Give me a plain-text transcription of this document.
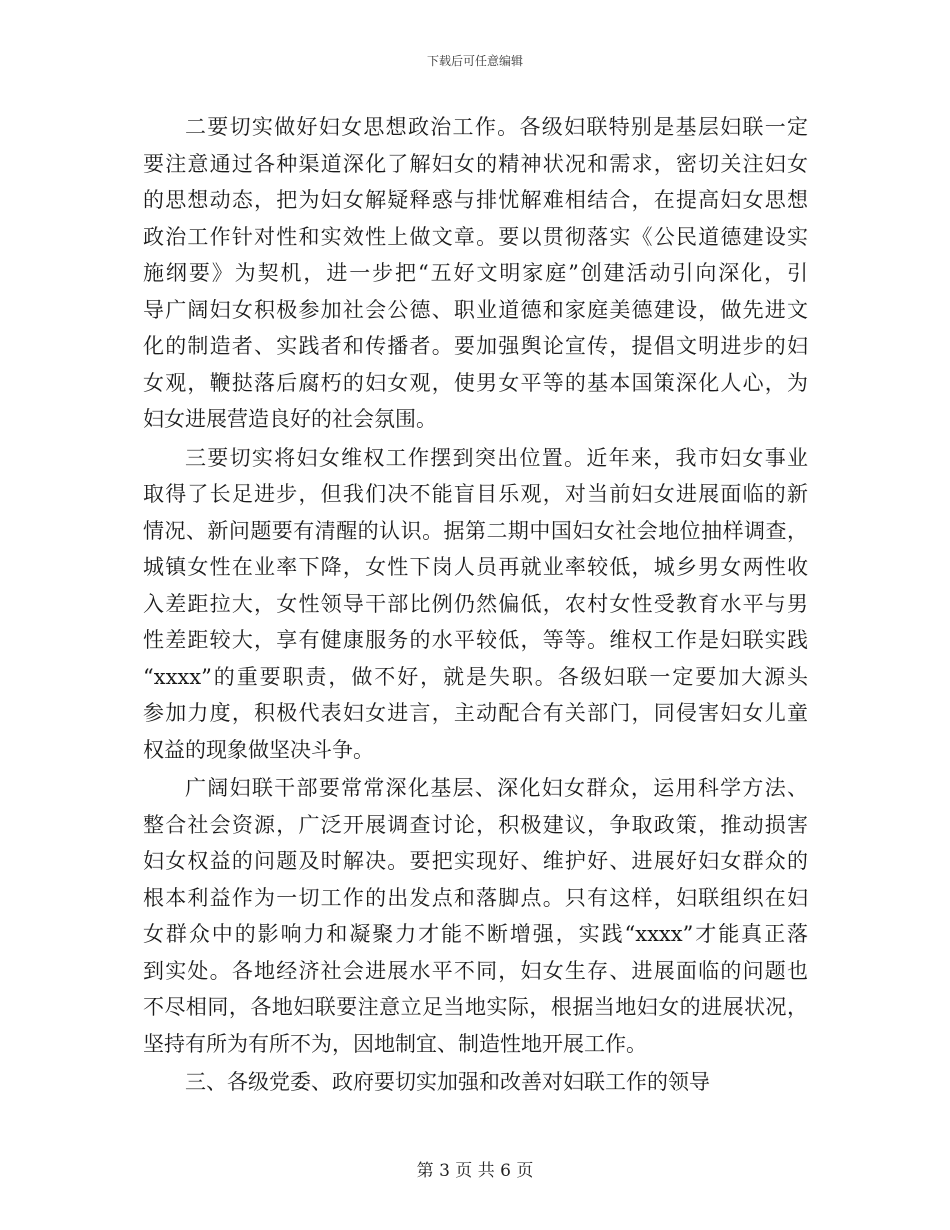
下载后可任意编辑

二要切实做好妇女思想政治工作。各级妇联特别是基层妇联一定
要注意通过各种渠道深化了解妇女的精神状况和需求，密切关注妇女
的思想动态，把为妇女解疑释惑与排忧解难相结合，在提高妇女思想
政治工作针对性和实效性上做文章。要以贯彻落实《公民道德建设实
施纲要》为契机，进一步把“五好文明家庭”创建活动引向深化，引
导广阔妇女积极参加社会公德、职业道德和家庭美德建设，做先进文
化的制造者、实践者和传播者。要加强舆论宣传，提倡文明进步的妇
女观，鞭挞落后腐朽的妇女观，使男女平等的基本国策深化人心，为
妇女进展营造良好的社会氛围。

三要切实将妇女维权工作摆到突出位置。近年来，我市妇女事业
取得了长足进步，但我们决不能盲目乐观，对当前妇女进展面临的新
情况、新问题要有清醒的认识。据第二期中国妇女社会地位抽样调查，
城镇女性在业率下降，女性下岗人员再就业率较低，城乡男女两性收
入差距拉大，女性领导干部比例仍然偏低，农村女性受教育水平与男
性差距较大，享有健康服务的水平较低，等等。维权工作是妇联实践
“xxxx”的重要职责，做不好，就是失职。各级妇联一定要加大源头
参加力度，积极代表妇女进言，主动配合有关部门，同侵害妇女儿童
权益的现象做坚决斗争。

广阔妇联干部要常常深化基层、深化妇女群众，运用科学方法、
整合社会资源，广泛开展调查讨论，积极建议，争取政策，推动损害
妇女权益的问题及时解决。要把实现好、维护好、进展好妇女群众的
根本利益作为一切工作的出发点和落脚点。只有这样，妇联组织在妇
女群众中的影响力和凝聚力才能不断增强，实践“xxxx”才能真正落
到实处。各地经济社会进展水平不同，妇女生存、进展面临的问题也
不尽相同，各地妇联要注意立足当地实际，根据当地妇女的进展状况，
坚持有所为有所不为，因地制宜、制造性地开展工作。

三、各级党委、政府要切实加强和改善对妇联工作的领导

第 3 页 共 6 页
